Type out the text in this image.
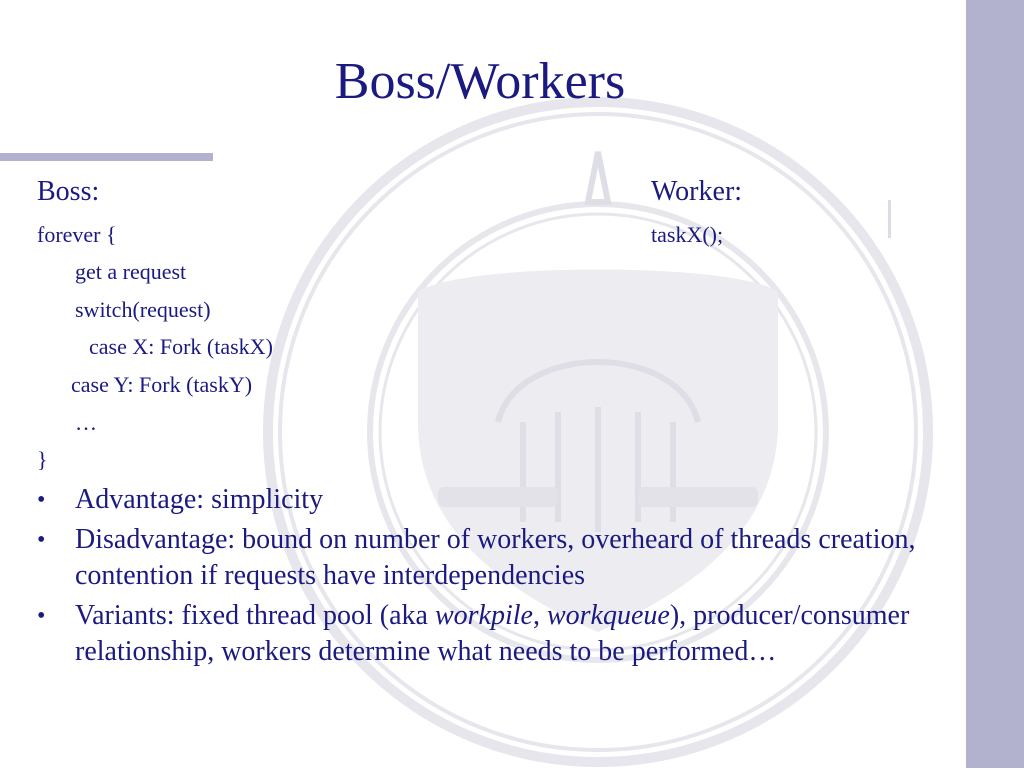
Boss/Workers
Boss:
forever {
get a request
switch(request)
case X: Fork (taskX)
case Y: Fork (taskY)
…
}
Worker:
taskX();
• Advantage: simplicity
• Disadvantage: bound on number of workers, overheard of threads creation, contention if requests have interdependencies
• Variants: fixed thread pool (aka workpile, workqueue), producer/consumer relationship, workers determine what needs to be performed…
